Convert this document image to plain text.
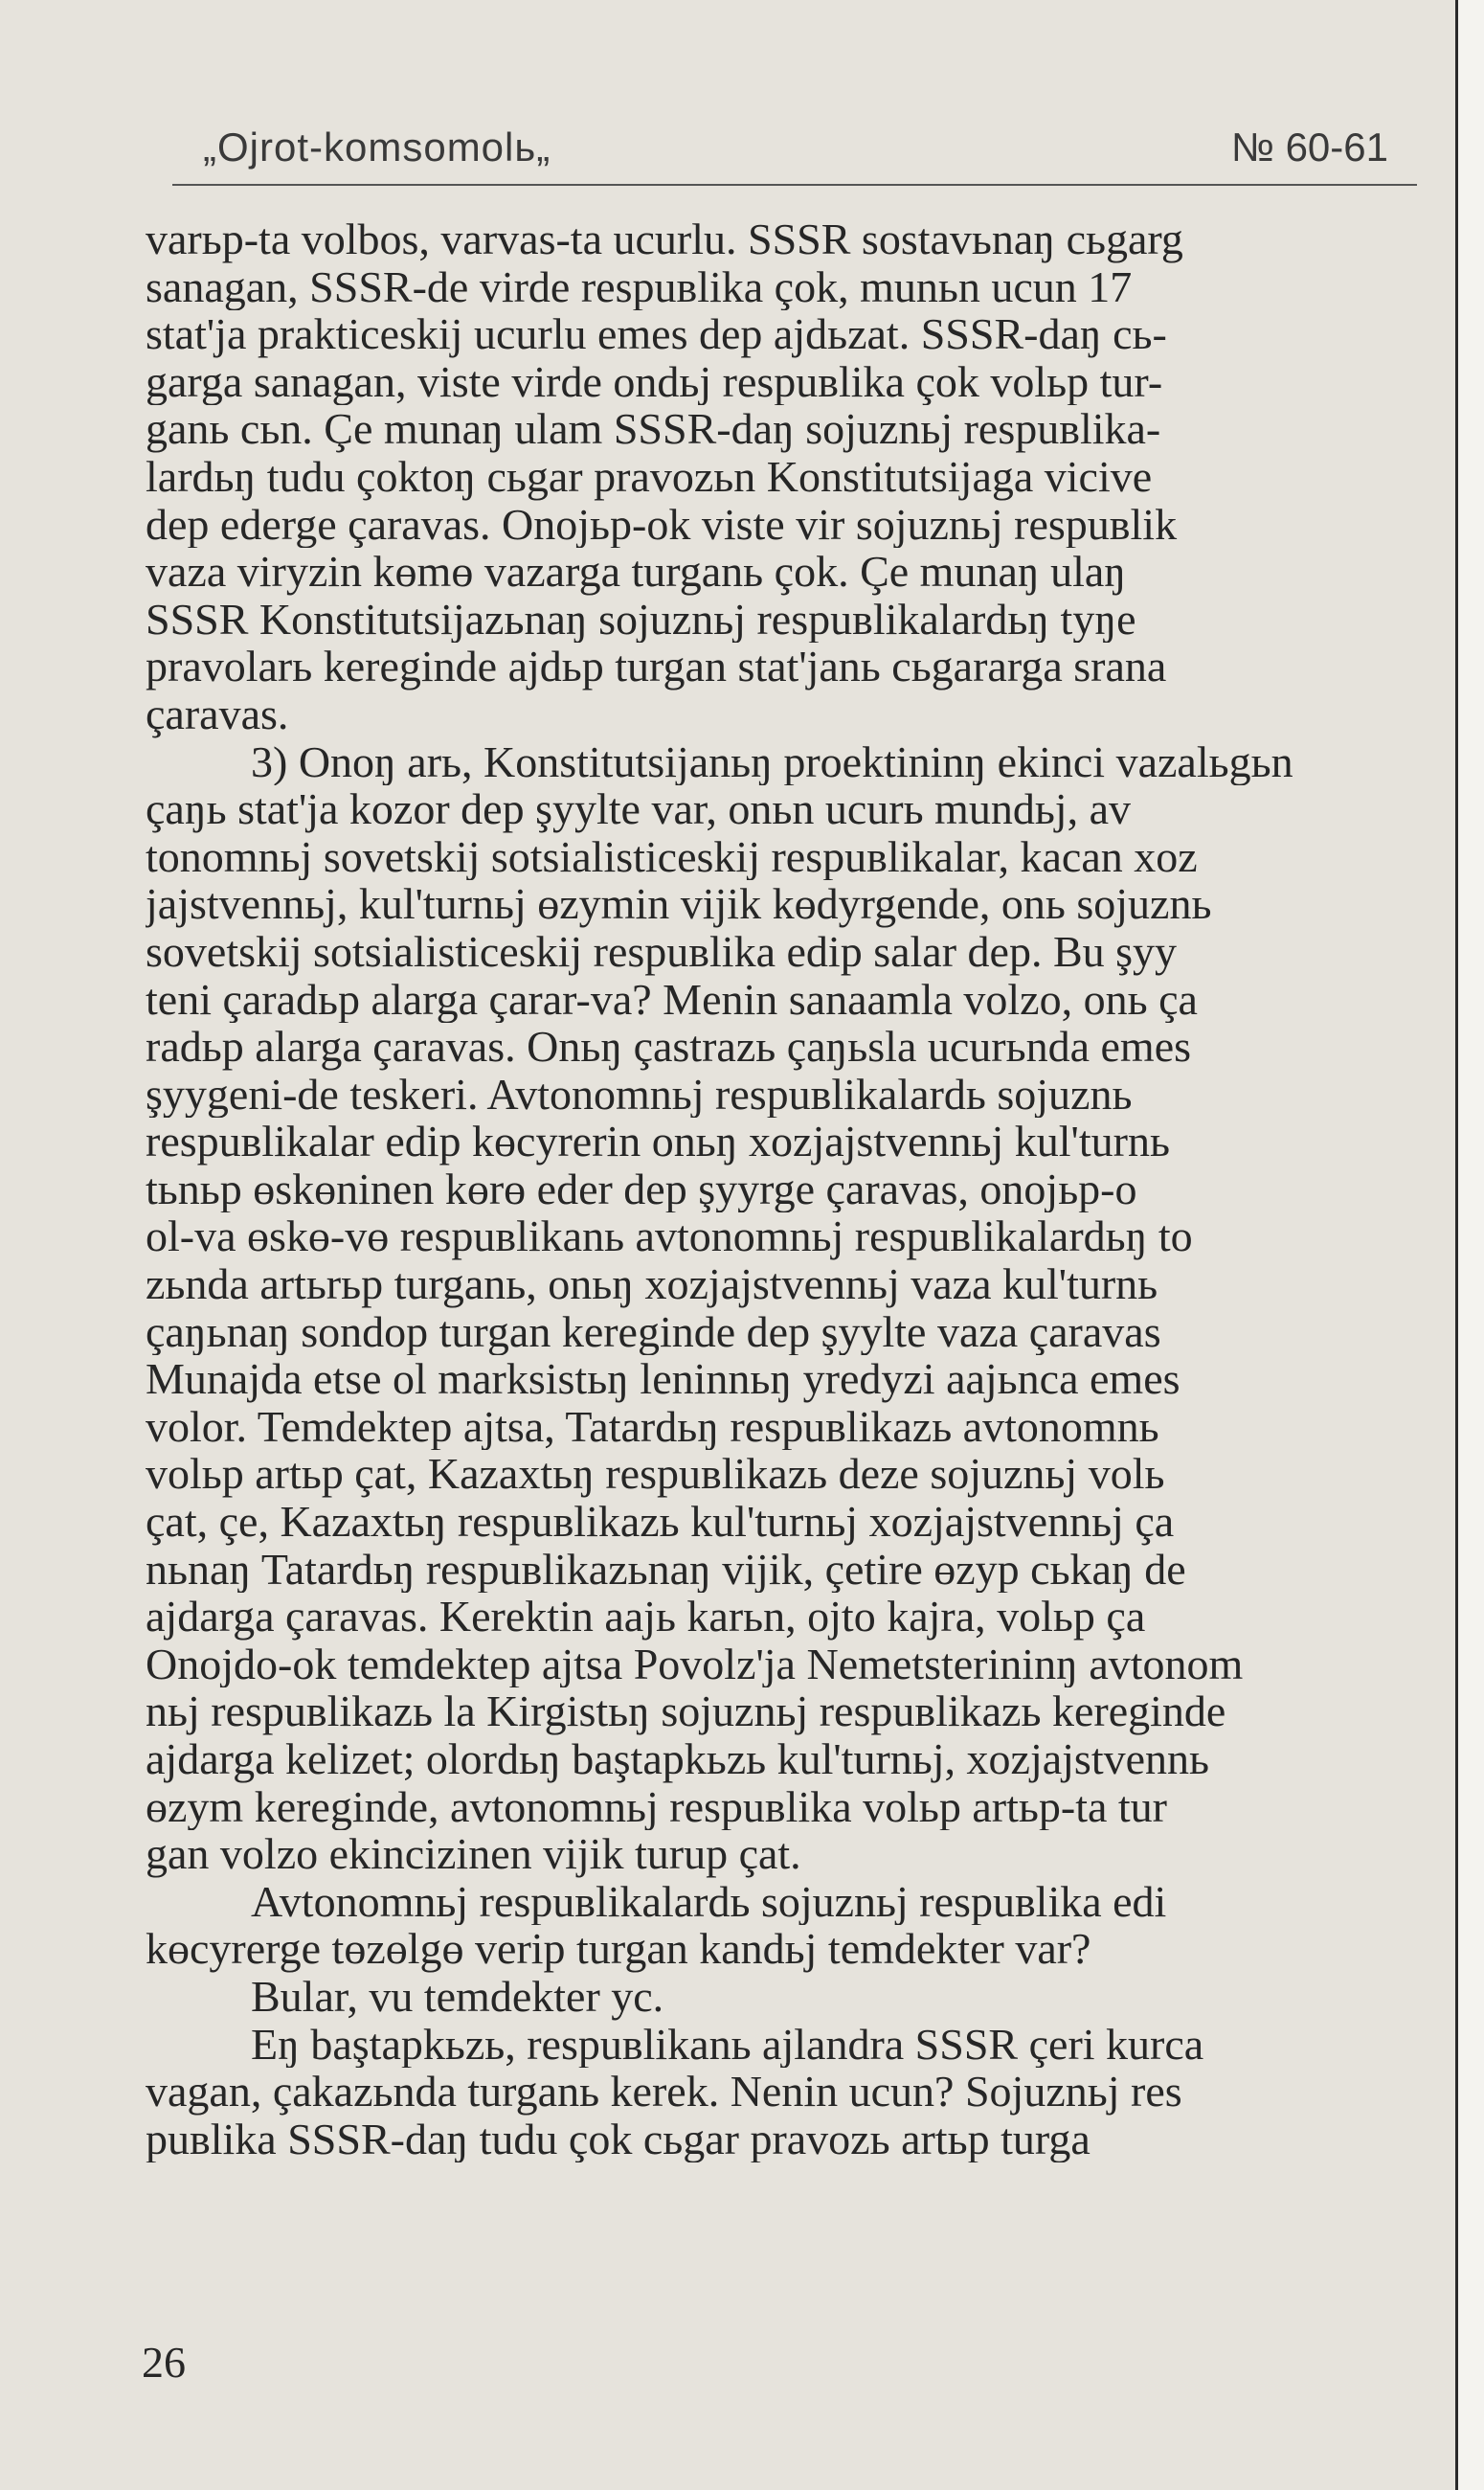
„Ojrot-komsomolь„	№ 60-61
varьp-ta volbos, varvas-ta ucurlu. SSSR sostavьnaŋ cьgarg
sanagan, SSSR-de virde respuвlika çok, munьn ucun 17
stat'ja prakticeskij ucurlu emes dep ajdьzat. SSSR-daŋ cь-
garga sanagan, viste virde ondьj respuвlika çok volьp tur-
ganь cьn. Çe munaŋ ulam SSSR-daŋ sojuznьj respuвlika-
lardьŋ tudu çoktoŋ cьgar pravozьn Konstitutsijaga vicive
dep ederge çaravas. Onojьp-ok viste vir sojuznьj respuвlik
vaza viryzin kөmө vazarga turganь çok. Çe munaŋ ulaŋ
SSSR Konstitutsijazьnaŋ sojuznьj respuвlikalardьŋ tyŋe
pravolarь kereginde ajdьp turgan stat'janь cьgararga srana
çaravas.
3) Onoŋ arь, Konstitutsijanьŋ proektininŋ ekinci vazalьgьn
çaŋь stat'ja kozor dep şyylte var, onьn ucurь mundьj, av
tonomnьj sovetskij sotsialisticeskij respuвlikalar, kacan xoz
jajstvennьj, kul'turnьj өzymin vijik kөdyrgende, onь sojuznь
sovetskij sotsialisticeskij respuвlika edip salar dep. Bu şyy
teni çaradьp alarga çarar-va? Menin sanaamla volzo, onь ça
radьp alarga çaravas. Onьŋ çastrazь çaŋьsla ucurьnda emes
şyygeni-de teskeri. Avtonomnьj respuвlikalardь sojuznь
respuвlikalar edip kөcyrerin onьŋ xozjajstvennьj kul'turnь
tьnьp өskөninen kөrө eder dep şyyrge çaravas, onojьp-o
ol-va өskө-vө respuвlikanь avtonomnьj respuвlikalardьŋ to
zьnda artьrьp turganь, onьŋ xozjajstvennьj vaza kul'turnь
çaŋьnaŋ sondop turgan kereginde dep şyylte vaza çaravas
Munajda etse ol marksistьŋ leninnьŋ yredyzi aajьnca emes
volor. Temdektep ajtsa, Tatardьŋ respuвlikazь avtonomnь
volьp artьp çat, Kazaxtьŋ respuвlikazь deze sojuznьj volь
çat, çe, Kazaxtьŋ respuвlikazь kul'turnьj xozjajstvennьj ça
nьnaŋ Tatardьŋ respuвlikazьnaŋ vijik, çetire өzyp cьkaŋ de
ajdarga çaravas. Kerektin aajь karьn, ojto kajra, volьp ça
Onojdo-ok temdektep ajtsa Povolz'ja Nemetsterininŋ avtonom
nьj respuвlikazь la Kirgistьŋ sojuznьj respuвlikazь kereginde
ajdarga kelizet; olordьŋ baştapkьzь kul'turnьj, xozjajstvennь
өzym kereginde, avtonomnьj respuвlika volьp artьp-ta tur
gan volzo ekincizinen vijik turup çat.
Avtonomnьj respuвlikalardь sojuznьj respuвlika edi
kөcyrerge tөzөlgө verip turgan kandьj temdekter var?
Bular, vu temdekter yc.
Eŋ baştapkьzь, respuвlikanь ajlandra SSSR çeri kurca
vagan, çakazьnda turganь kerek. Nenin ucun? Sojuznьj res
puвlika SSSR-daŋ tudu çok cьgar pravozь artьp turga
26
